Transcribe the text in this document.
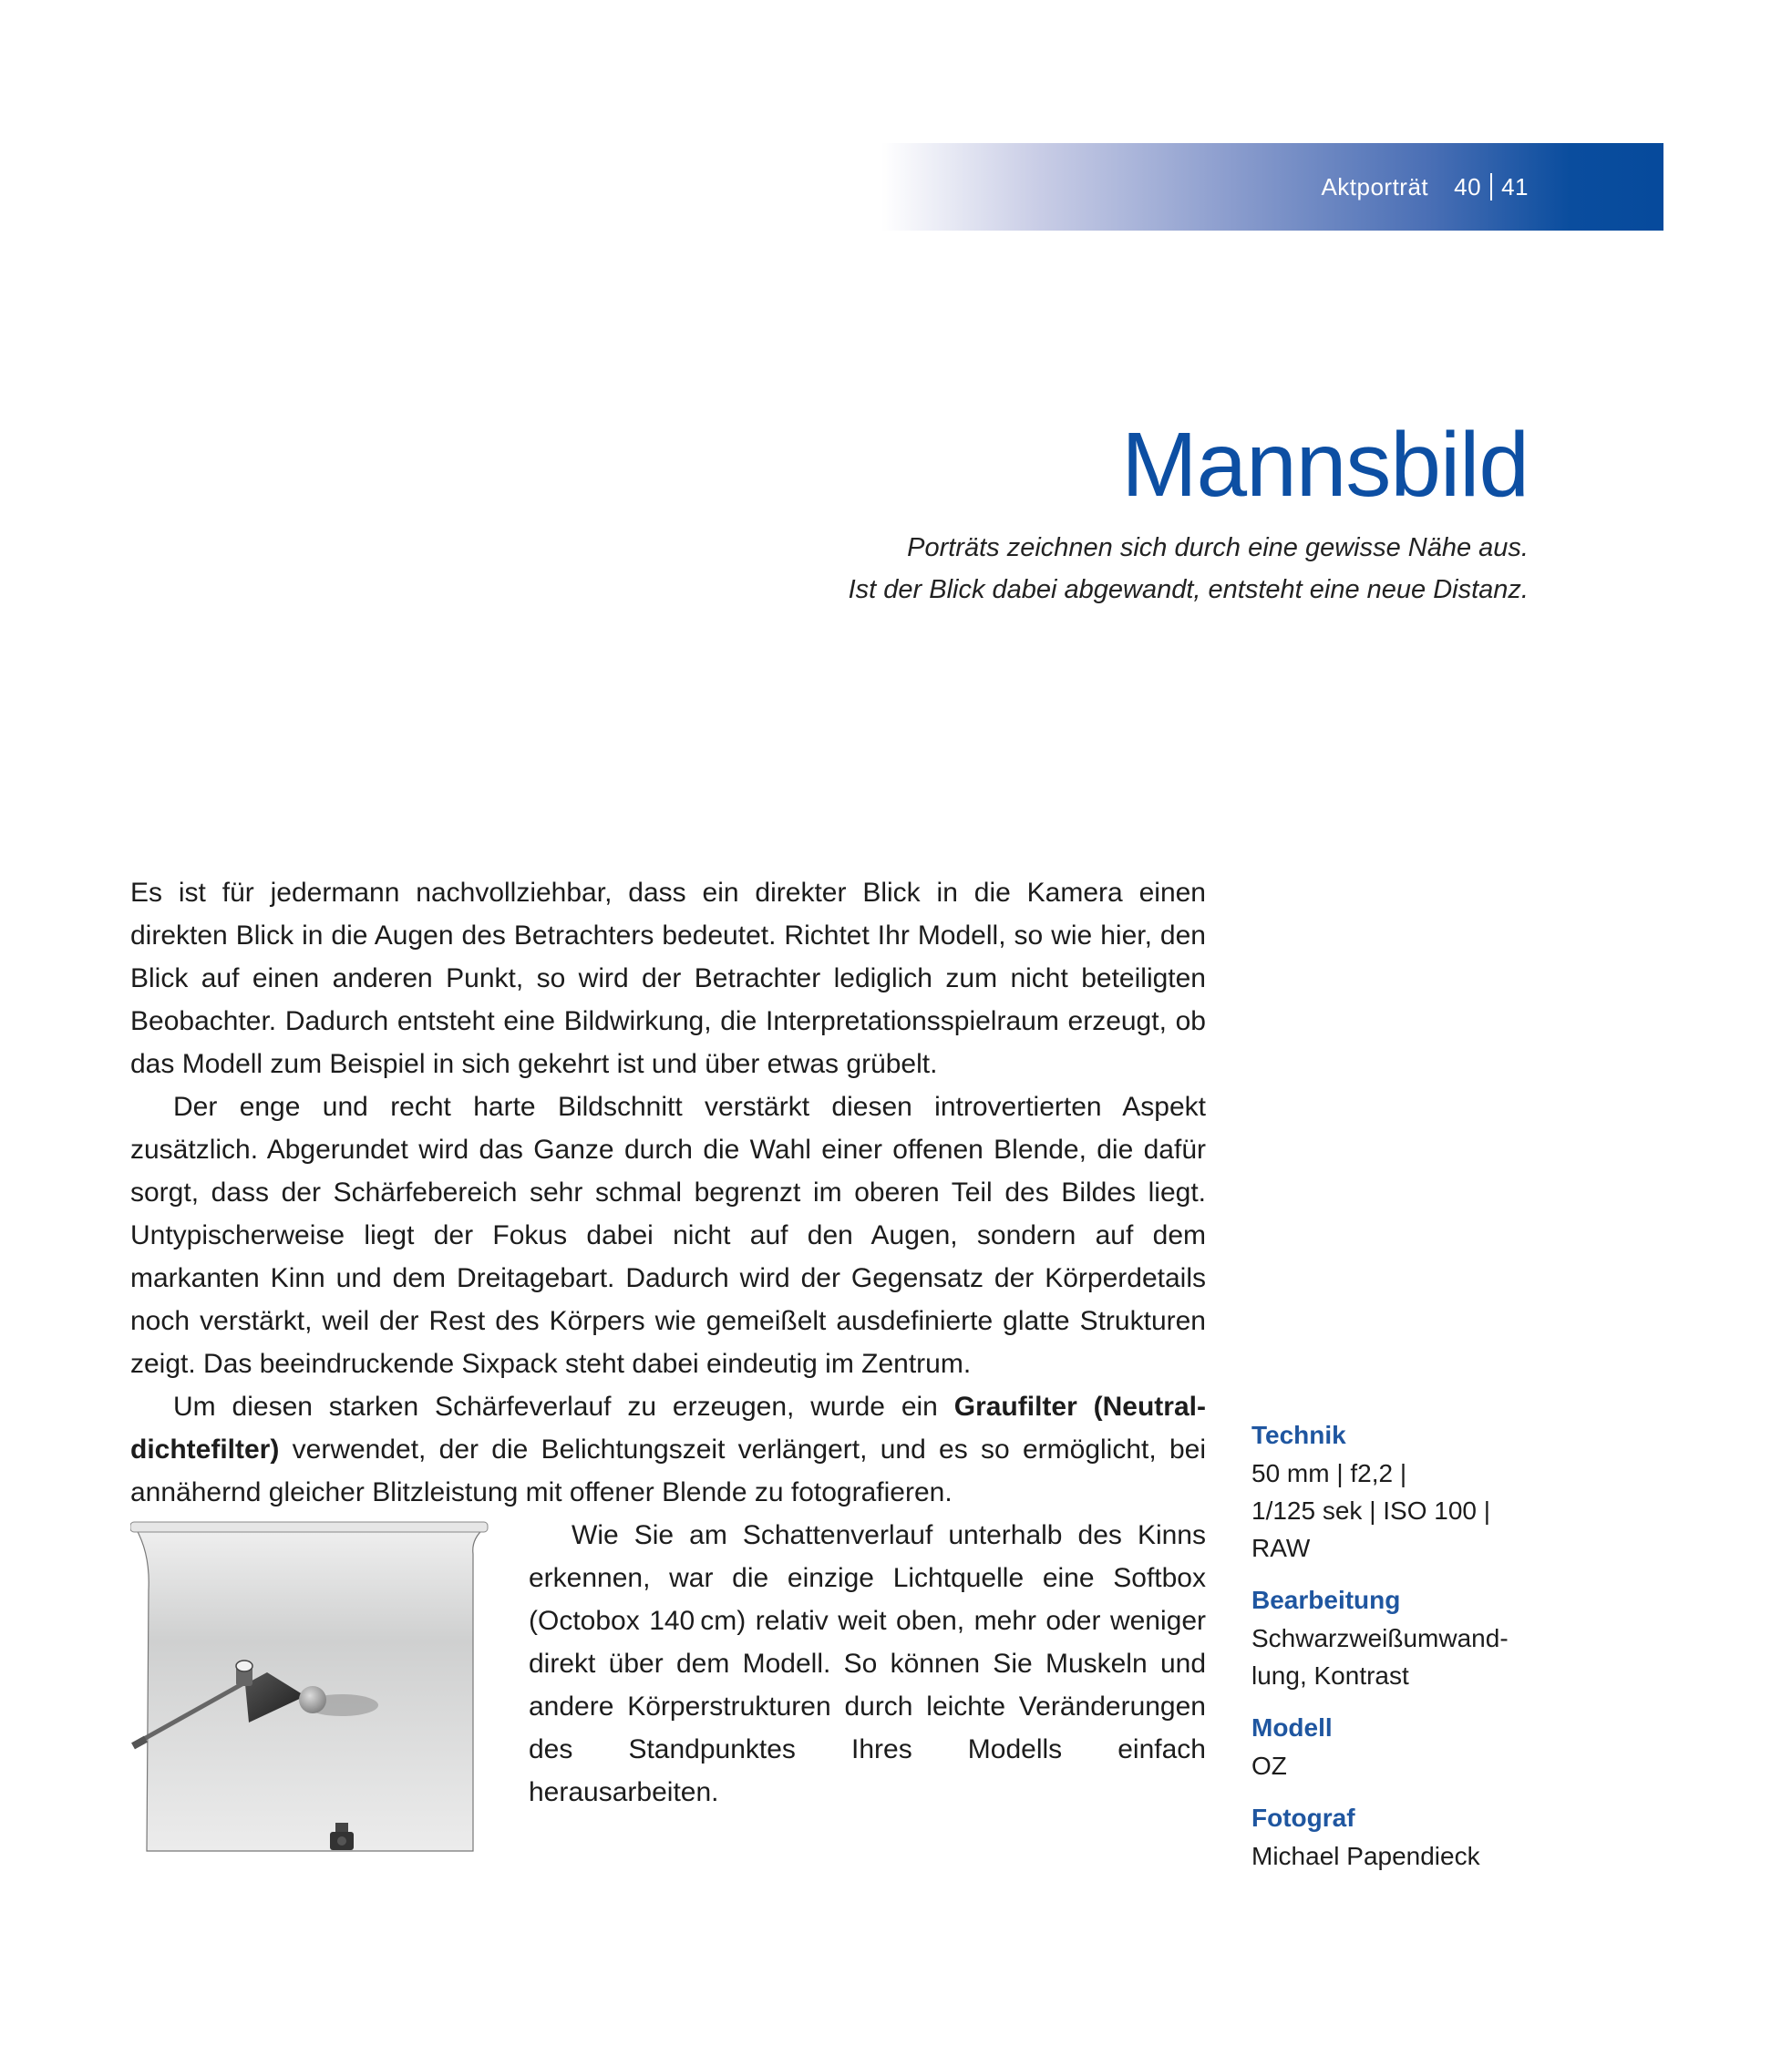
Aktporträt 40 41
Mannsbild
Porträts zeichnen sich durch eine gewisse Nähe aus.
Ist der Blick dabei abgewandt, entsteht eine neue Distanz.

Es ist für jedermann nachvollziehbar, dass ein direkter Blick in die Kamera einen direkten Blick in die Augen des Betrachters bedeutet. Richtet Ihr Modell, so wie hier, den Blick auf einen anderen Punkt, so wird der Betrachter lediglich zum nicht beteiligten Beobachter. Dadurch entsteht eine Bildwirkung, die Interpretationsspielraum erzeugt, ob das Modell zum Beispiel in sich gekehrt ist und über etwas grübelt.

Der enge und recht harte Bildschnitt verstärkt diesen introvertierten Aspekt zusätzlich. Abgerundet wird das Ganze durch die Wahl einer offenen Blende, die dafür sorgt, dass der Schärfebereich sehr schmal begrenzt im oberen Teil des Bildes liegt. Untypischerweise liegt der Fokus dabei nicht auf den Augen, sondern auf dem markanten Kinn und dem Dreitagebart. Dadurch wird der Gegensatz der Körperdetails noch verstärkt, weil der Rest des Körpers wie gemeißelt ausdefinierte glatte Strukturen zeigt. Das beeindruckende Sixpack steht dabei eindeutig im Zentrum.

Um diesen starken Schärfeverlauf zu erzeugen, wurde ein Graufilter (Neutraldichtefilter) verwendet, der die Belichtungszeit verlängert, und es so ermöglicht, bei annähernd gleicher Blitzleistung mit offener Blende zu fotografieren.

Wie Sie am Schattenverlauf unterhalb des Kinns erkennen, war die einzige Lichtquelle eine Softbox (Octobox 140 cm) relativ weit oben, mehr oder weniger direkt über dem Modell. So können Sie Muskeln und andere Körperstrukturen durch leichte Veränderungen des Standpunktes Ihres Modells einfach herausarbeiten.

Technik
50 mm | f2,2 |
1/125 sek | ISO 100 |
RAW
Bearbeitung
Schwarzweißumwand-
lung, Kontrast
Modell
OZ
Fotograf
Michael Papendieck
